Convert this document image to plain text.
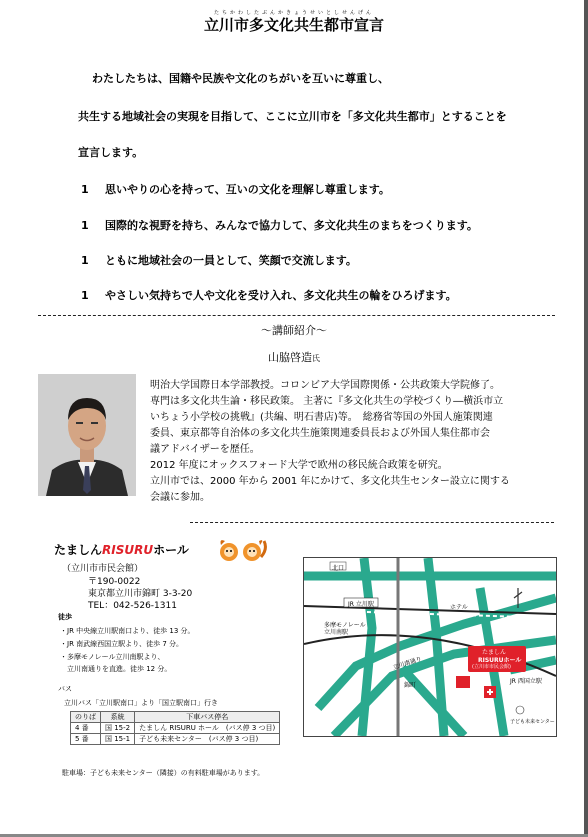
たちかわしたぶんかきょうせいとしせんげん
立川市多文化共生都市宣言
わたしたちは、国籍や民族や文化のちがいを互いに尊重し、
共生する地域社会の実現を目指して、ここに立川市を「多文化共生都市」とすることを
宣言します。
1 思いやりの心を持って、互いの文化を理解し尊重します。
1 国際的な視野を持ち、みんなで協力して、多文化共生のまちをつくります。
1 ともに地域社会の一員として、笑顔で交流します。
1 やさしい気持ちで人や文化を受け入れ、多文化共生の輪をひろげます。
〜講師紹介〜
山脇啓造氏

明治大学国際日本学部教授。コロンビア大学国際関係・公共政策大学院修了。

専門は多文化共生論・移民政策。 主著に『多文化共生の学校づくり―横浜市立

いちょう小学校の挑戦』(共編、明石書店)等。　総務省等国の外国人施策関連

委員、東京都等自治体の多文化共生施策関連委員長および外国人集住都市会

議アドバイザーを歴任。

2012 年度にオックスフォード大学で欧州の移民統合政策を研究。

立川市では、2000 年から 2001 年にかけて、多文化共生センター設立に関する

会議に参加。

たましんRISURUホール
（立川市市民会館）
〒190-0022
東京都立川市錦町 3-3-20
TEL：042-526-1311
徒歩
・JR 中央線立川駅南口より、徒歩 13 分。
・JR 南武線西国立駅より、徒歩 7 分。
・多摩モノレール立川南駅より、
　立川南通りを直進。徒歩 12 分。
バス
立川バス「立川駅南口」より「国立駅南口」行き
のりば	系統	下車バス停名
4 番	国 15-2	たましん RISURU ホール　(バス停 3 つ目)
5 番	国 15-1	子ども未来センター　(バス停 3 つ目)
駐車場：子ども未来センター（隣接）の有料駐車場があります。
北口
JR 立川駅	ホテル
多摩モノレール立川南駅
立川南通り
錦町
たましん
RISURUホール
(立川市市民会館)
JR 西国立駅
子ども未来センター
